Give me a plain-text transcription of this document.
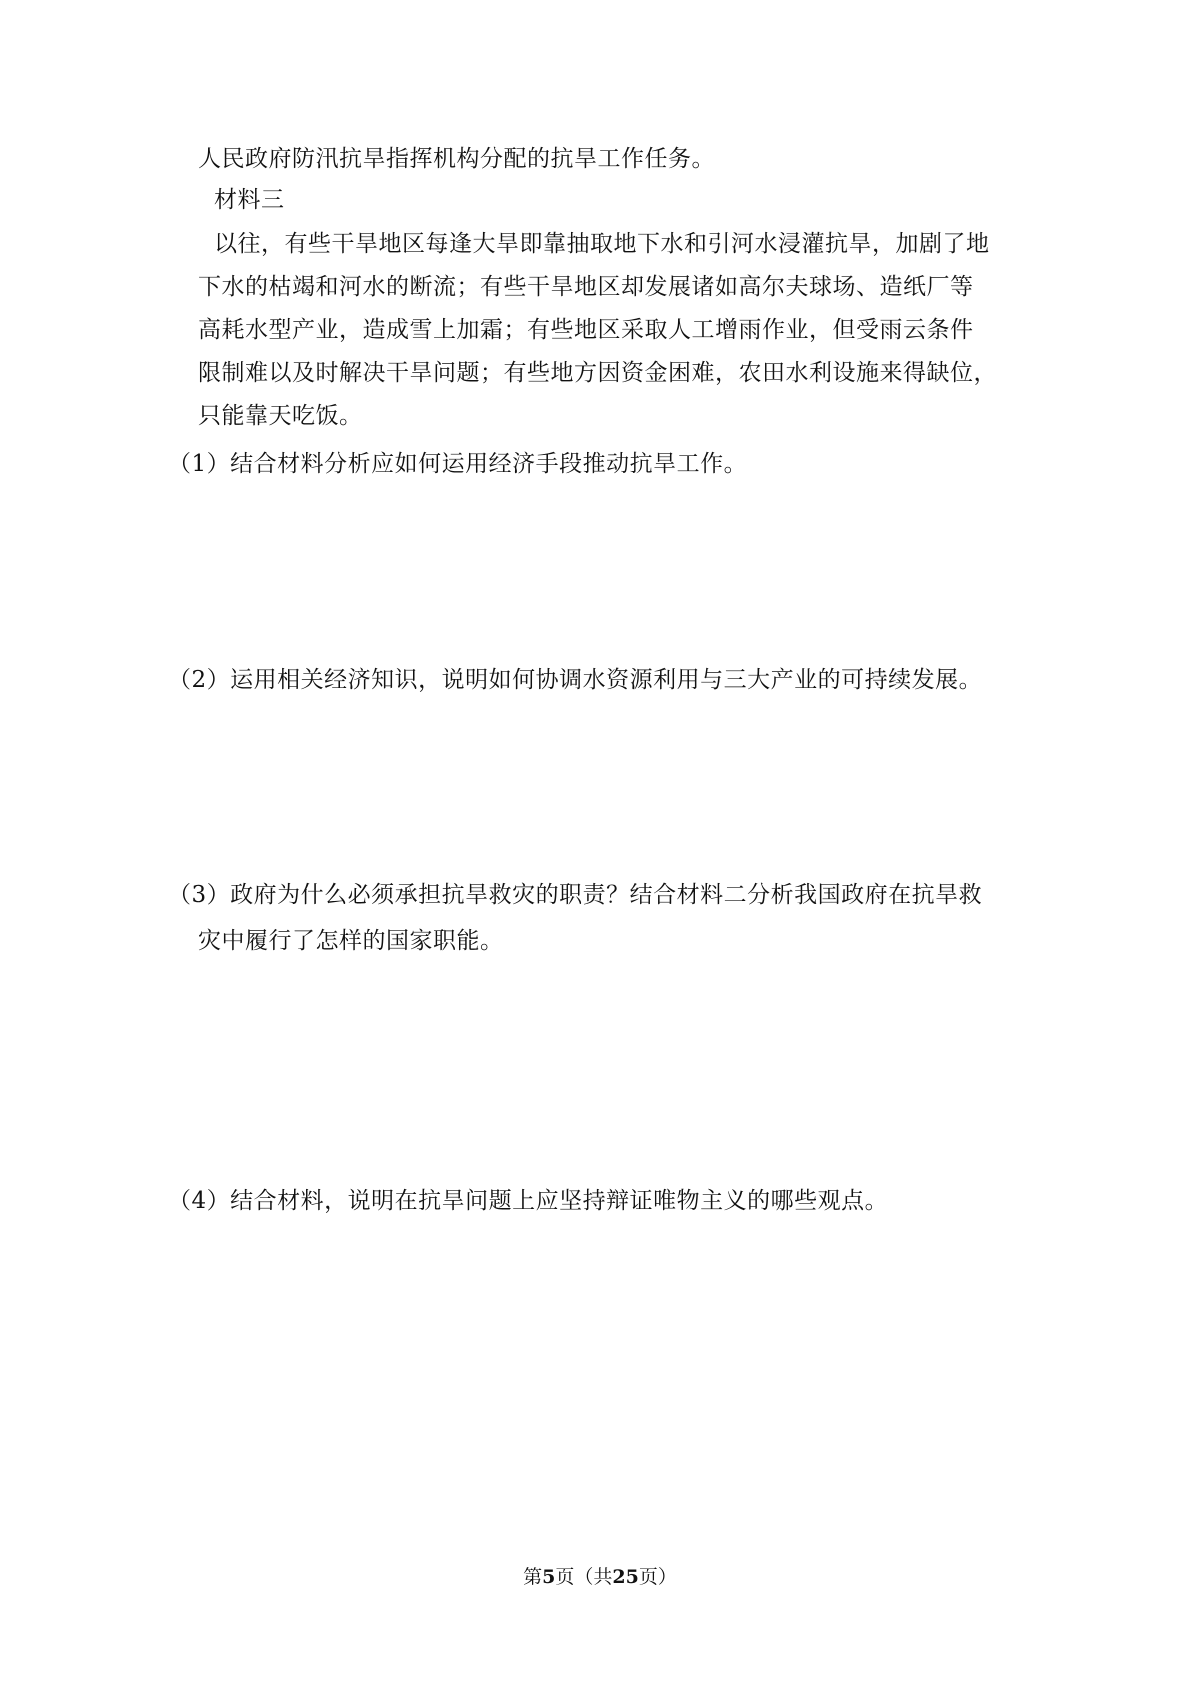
人民政府防汛抗旱指挥机构分配的抗旱工作任务。
材料三
以往，有些干旱地区每逢大旱即靠抽取地下水和引河水浸灌抗旱，加剧了地
下水的枯竭和河水的断流；有些干旱地区却发展诸如高尔夫球场、造纸厂等
高耗水型产业，造成雪上加霜；有些地区采取人工增雨作业，但受雨云条件
限制难以及时解决干旱问题；有些地方因资金困难，农田水利设施来得缺位，
只能靠天吃饭。
（1）结合材料分析应如何运用经济手段推动抗旱工作。
（2）运用相关经济知识，说明如何协调水资源利用与三大产业的可持续发展。
（3）政府为什么必须承担抗旱救灾的职责？结合材料二分析我国政府在抗旱救
灾中履行了怎样的国家职能。
（4）结合材料，说明在抗旱问题上应坚持辩证唯物主义的哪些观点。
第5页（共25页）
